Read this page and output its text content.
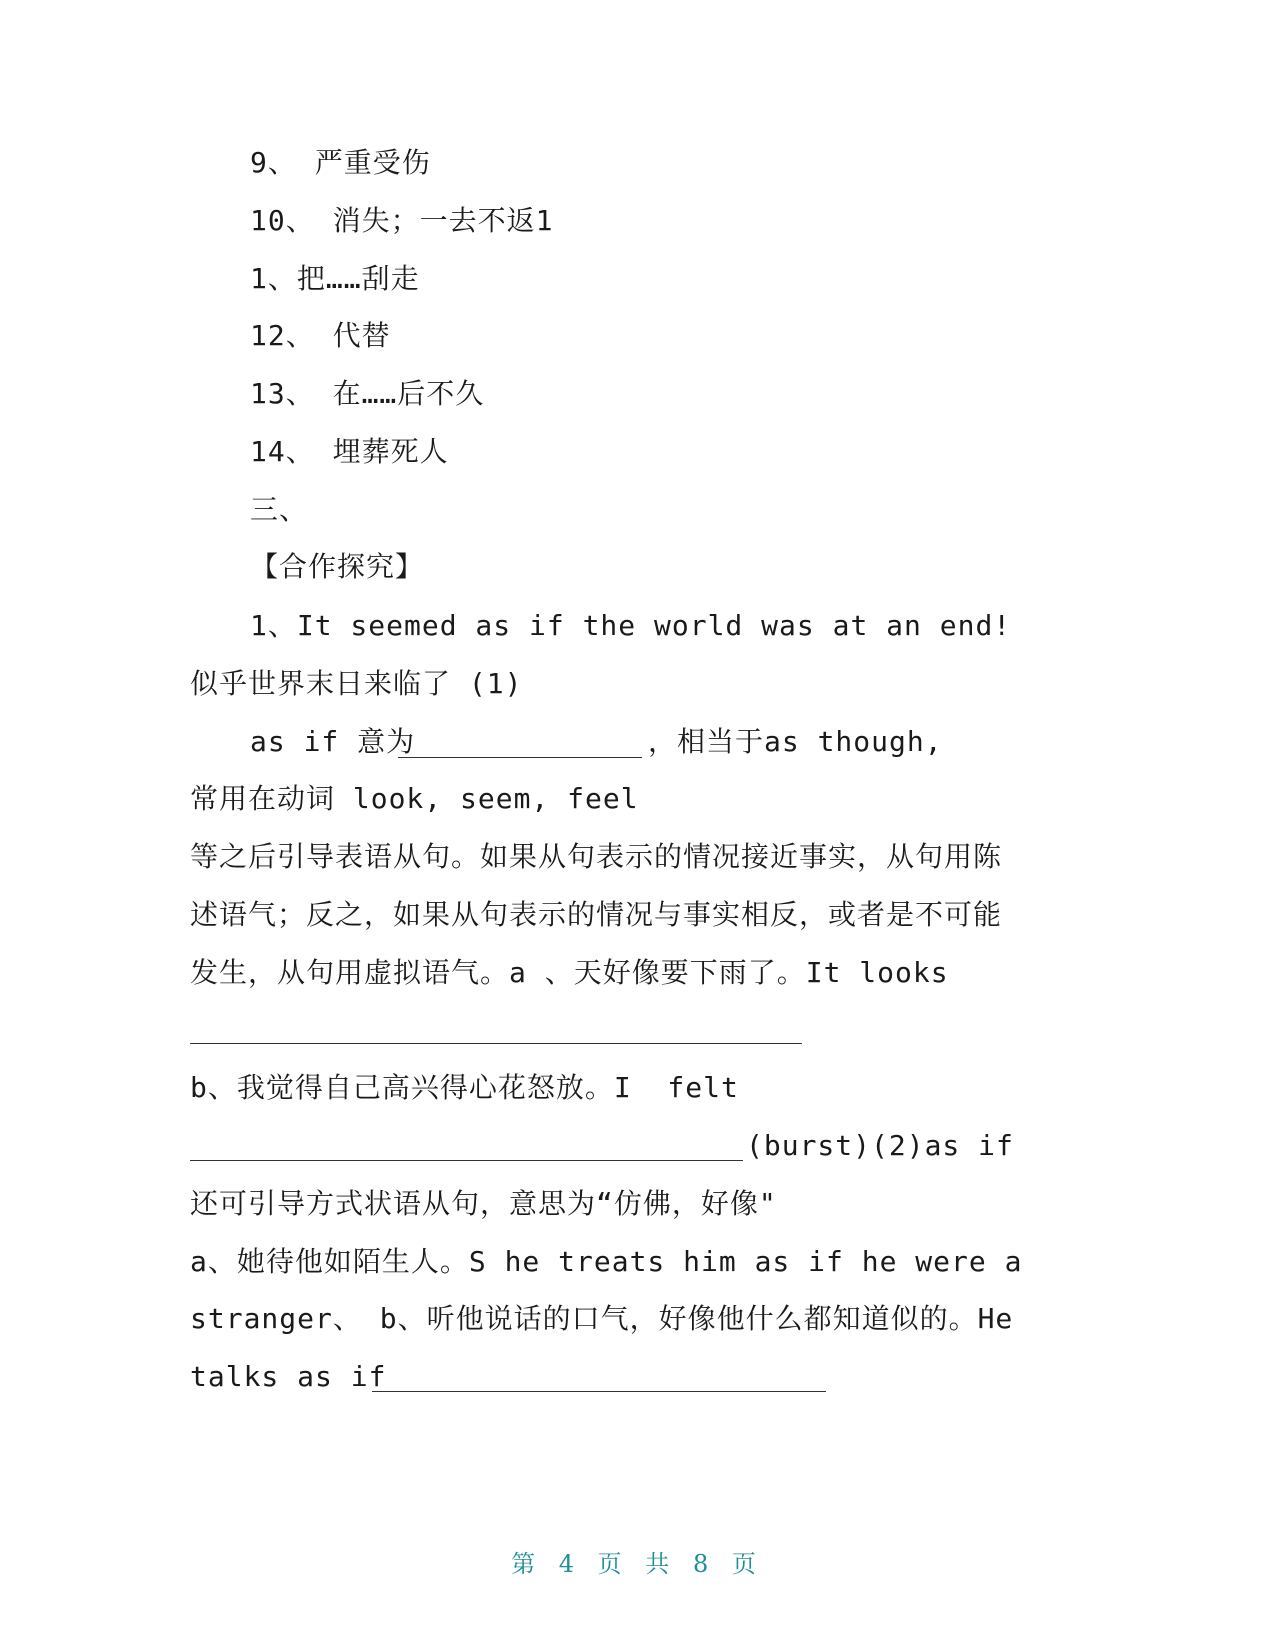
9、 严重受伤

10、 消失；一去不返1

1、把……刮走

12、 代替

13、 在……后不久

14、 埋葬死人

三、

【合作探究】

1、It seemed as if the world was at an end!

似乎世界末日来临了 (1)

as if 意为	，相当于as though,

常用在动词 look, seem, feel

等之后引导表语从句。如果从句表示的情况接近事实，从句用陈

述语气；反之，如果从句表示的情况与事实相反，或者是不可能

发生，从句用虚拟语气。a 、天好像要下雨了。It looks

b、我觉得自己高兴得心花怒放。I  felt

(burst)(2)as if

还可引导方式状语从句，意思为“仿佛，好像"

a、她待他如陌生人。S he treats him as if he were a

stranger、 b、听他说话的口气，好像他什么都知道似的。He

talks as if

第 4 页 共 8 页
